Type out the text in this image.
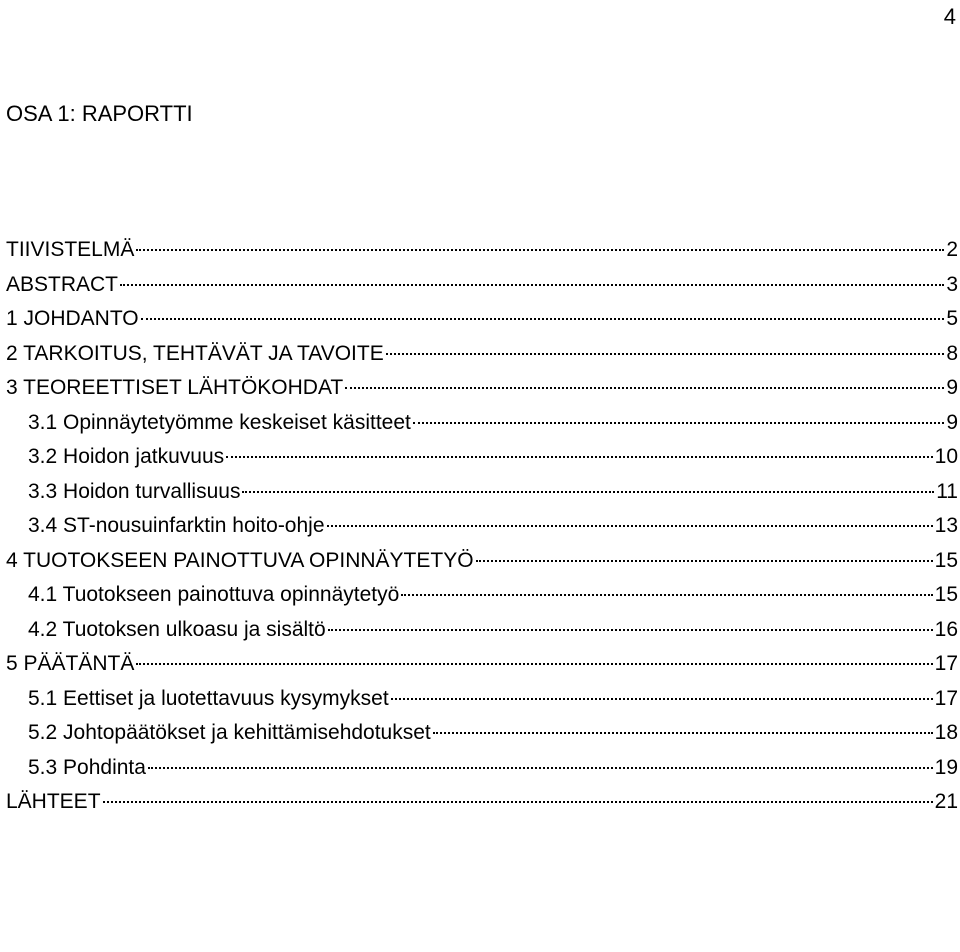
4
OSA 1: RAPORTTI
TIIVISTELMÄ	2
ABSTRACT	3
1 JOHDANTO	5
2 TARKOITUS, TEHTÄVÄT JA TAVOITE	8
3 TEOREETTISET LÄHTÖKOHDAT	9
3.1 Opinnäytetyömme keskeiset käsitteet	9
3.2 Hoidon jatkuvuus	10
3.3 Hoidon turvallisuus	11
3.4 ST-nousuinfarktin hoito-ohje	13
4 TUOTOKSEEN PAINOTTUVA OPINNÄYTETYÖ	15
4.1 Tuotokseen painottuva opinnäytetyö	15
4.2 Tuotoksen ulkoasu ja sisältö	16
5 PÄÄTÄNTÄ	17
5.1 Eettiset ja luotettavuus kysymykset	17
5.2 Johtopäätökset ja kehittämisehdotukset	18
5.3 Pohdinta	19
LÄHTEET	21
